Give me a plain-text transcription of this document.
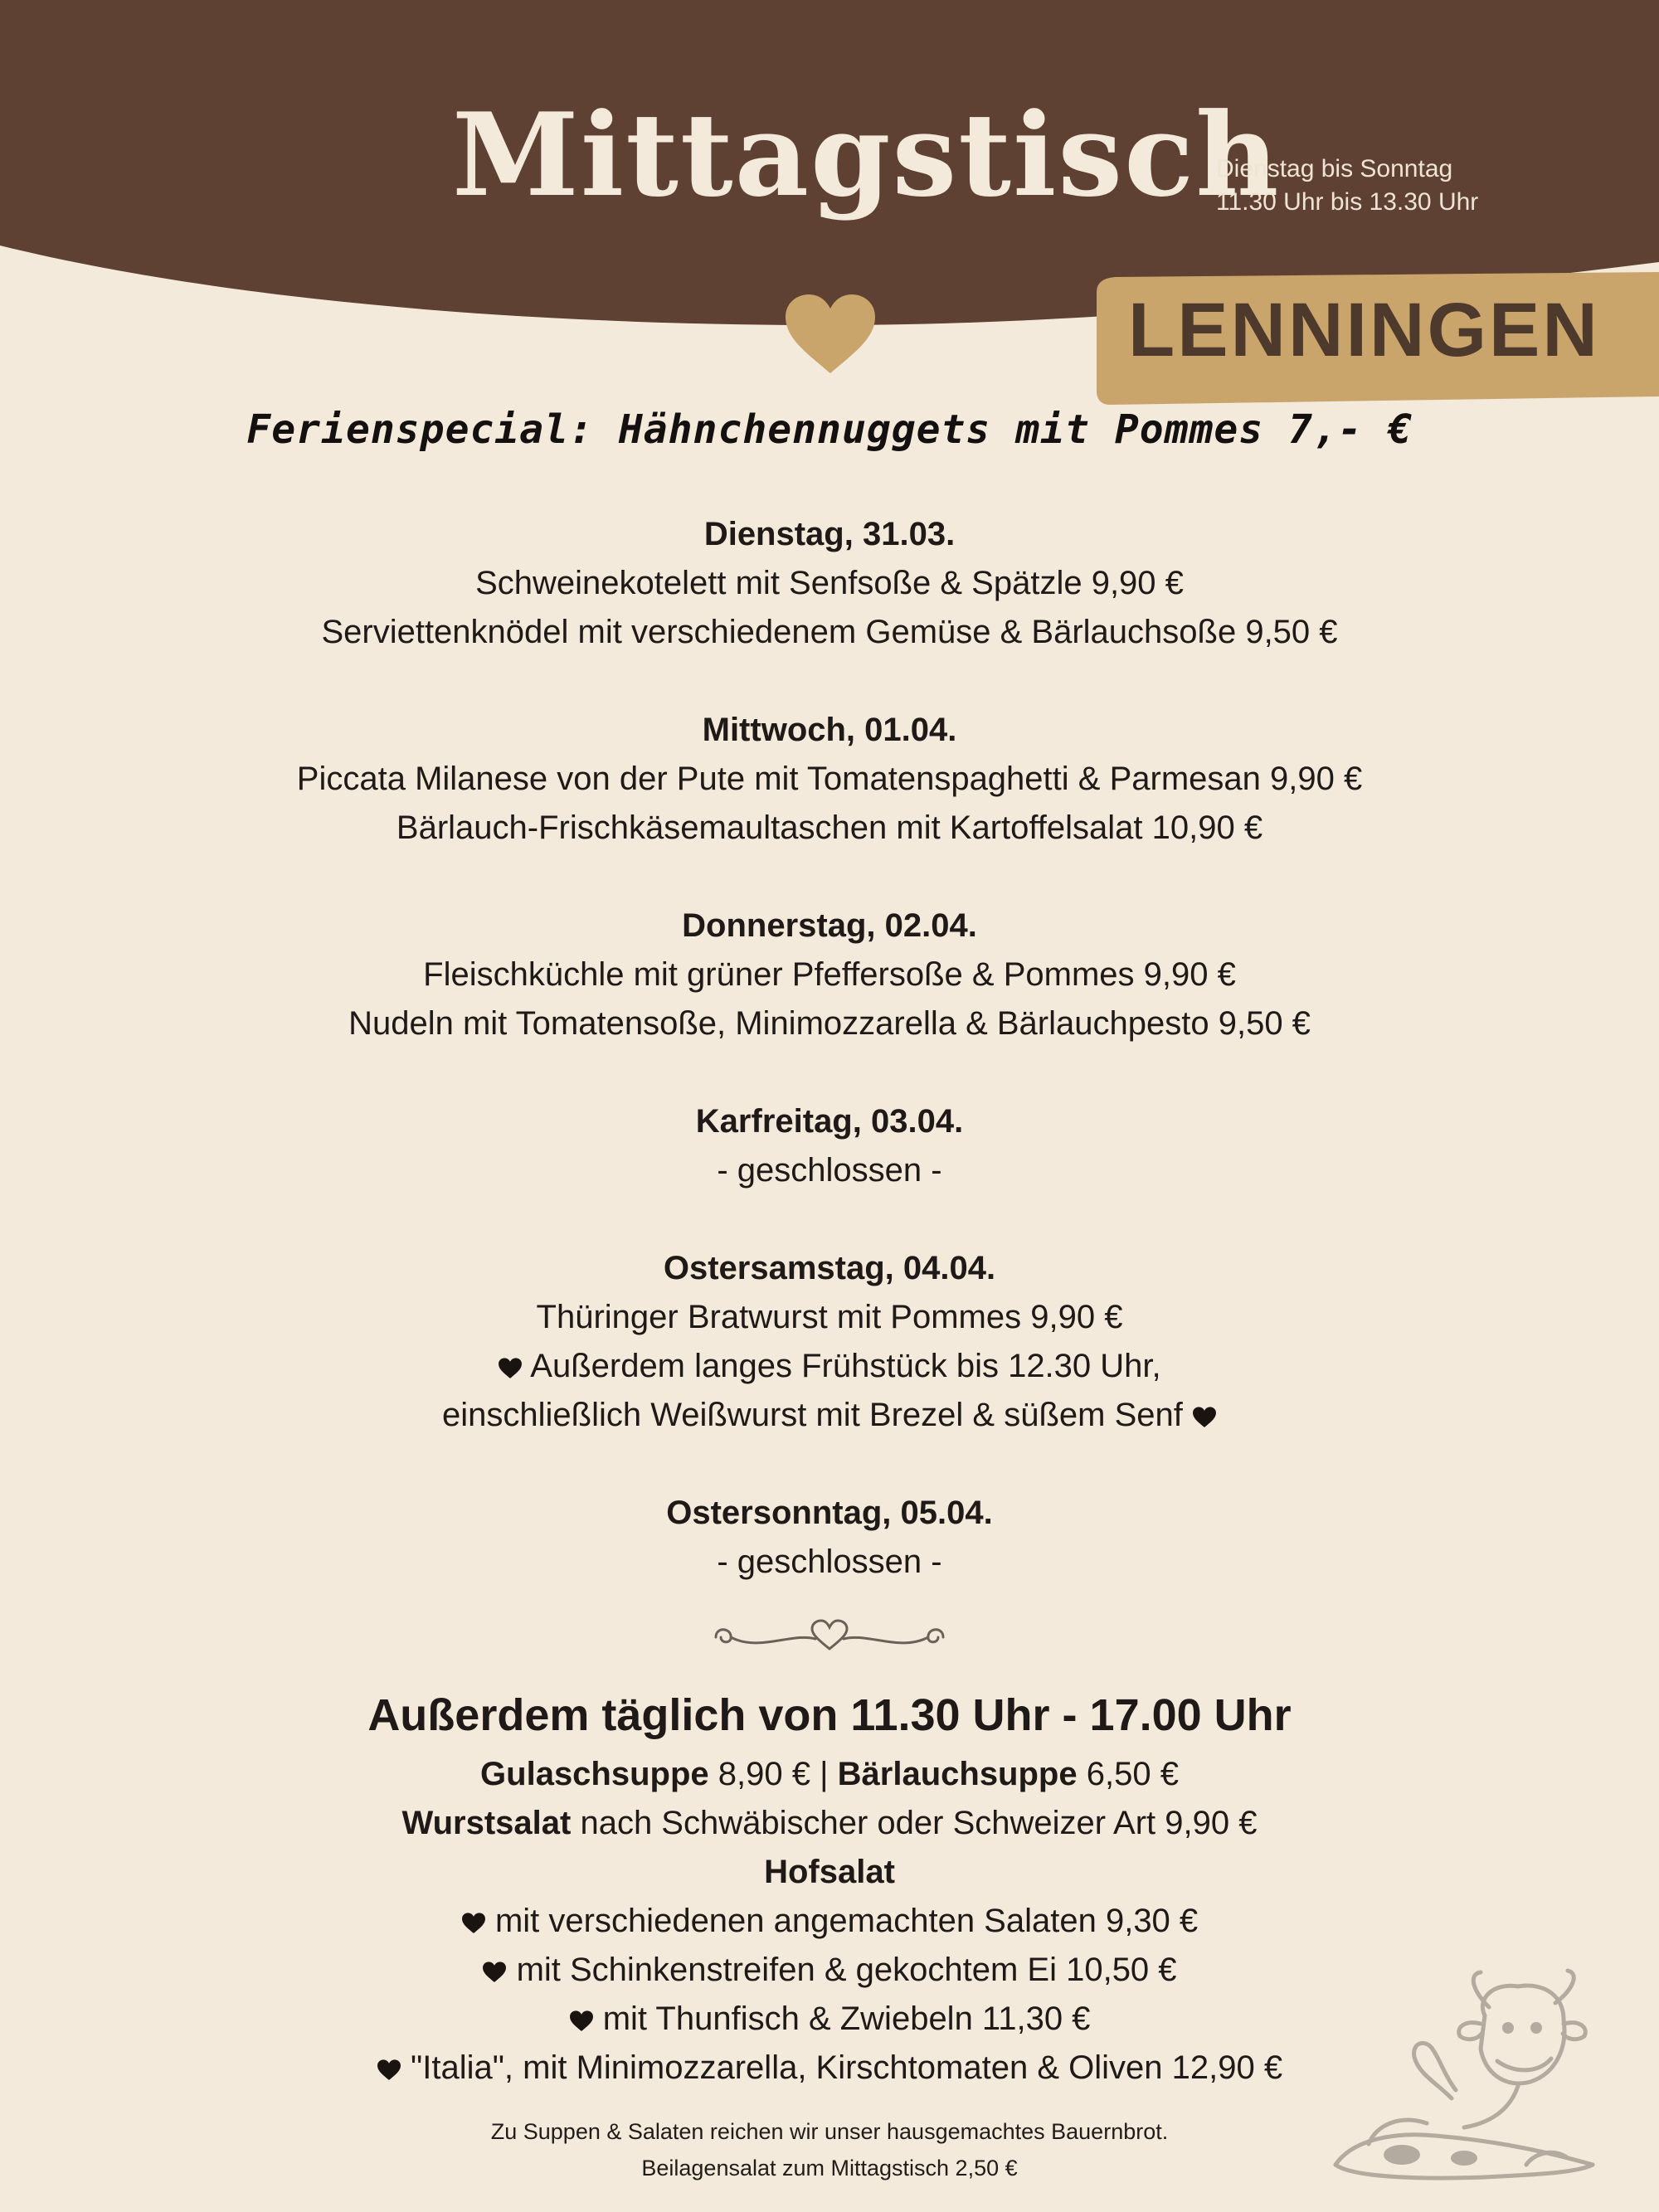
Mittagstisch
Dienstag bis Sonntag
11.30 Uhr bis 13.30 Uhr
LENNINGEN
Ferienspecial: Hähnchennuggets mit Pommes 7,- €
Dienstag, 31.03.
Schweinekotelett mit Senfsoße & Spätzle 9,90 €
Serviettenknödel mit verschiedenem Gemüse & Bärlauchsoße 9,50 €
Mittwoch, 01.04.
Piccata Milanese von der Pute mit Tomatenspaghetti & Parmesan 9,90 €
Bärlauch-Frischkäsemaultaschen mit Kartoffelsalat 10,90 €
Donnerstag, 02.04.
Fleischküchle mit grüner Pfeffersoße & Pommes 9,90 €
Nudeln mit Tomatensoße, Minimozzarella & Bärlauchpesto 9,50 €
Karfreitag, 03.04.
- geschlossen -
Ostersamstag, 04.04.
Thüringer Bratwurst mit Pommes 9,90 €
Außerdem langes Frühstück bis 12.30 Uhr,
einschließlich Weißwurst mit Brezel & süßem Senf
Ostersonntag, 05.04.
- geschlossen -
Außerdem täglich von 11.30 Uhr - 17.00 Uhr
Gulaschsuppe 8,90 € | Bärlauchsuppe 6,50 €
Wurstsalat nach Schwäbischer oder Schweizer Art 9,90 €
Hofsalat
mit verschiedenen angemachten Salaten 9,30 €
mit Schinkenstreifen & gekochtem Ei 10,50 €
mit Thunfisch & Zwiebeln 11,30 €
"Italia", mit Minimozzarella, Kirschtomaten & Oliven 12,90 €
Zu Suppen & Salaten reichen wir unser hausgemachtes Bauernbrot.
Beilagensalat zum Mittagstisch 2,50 €
